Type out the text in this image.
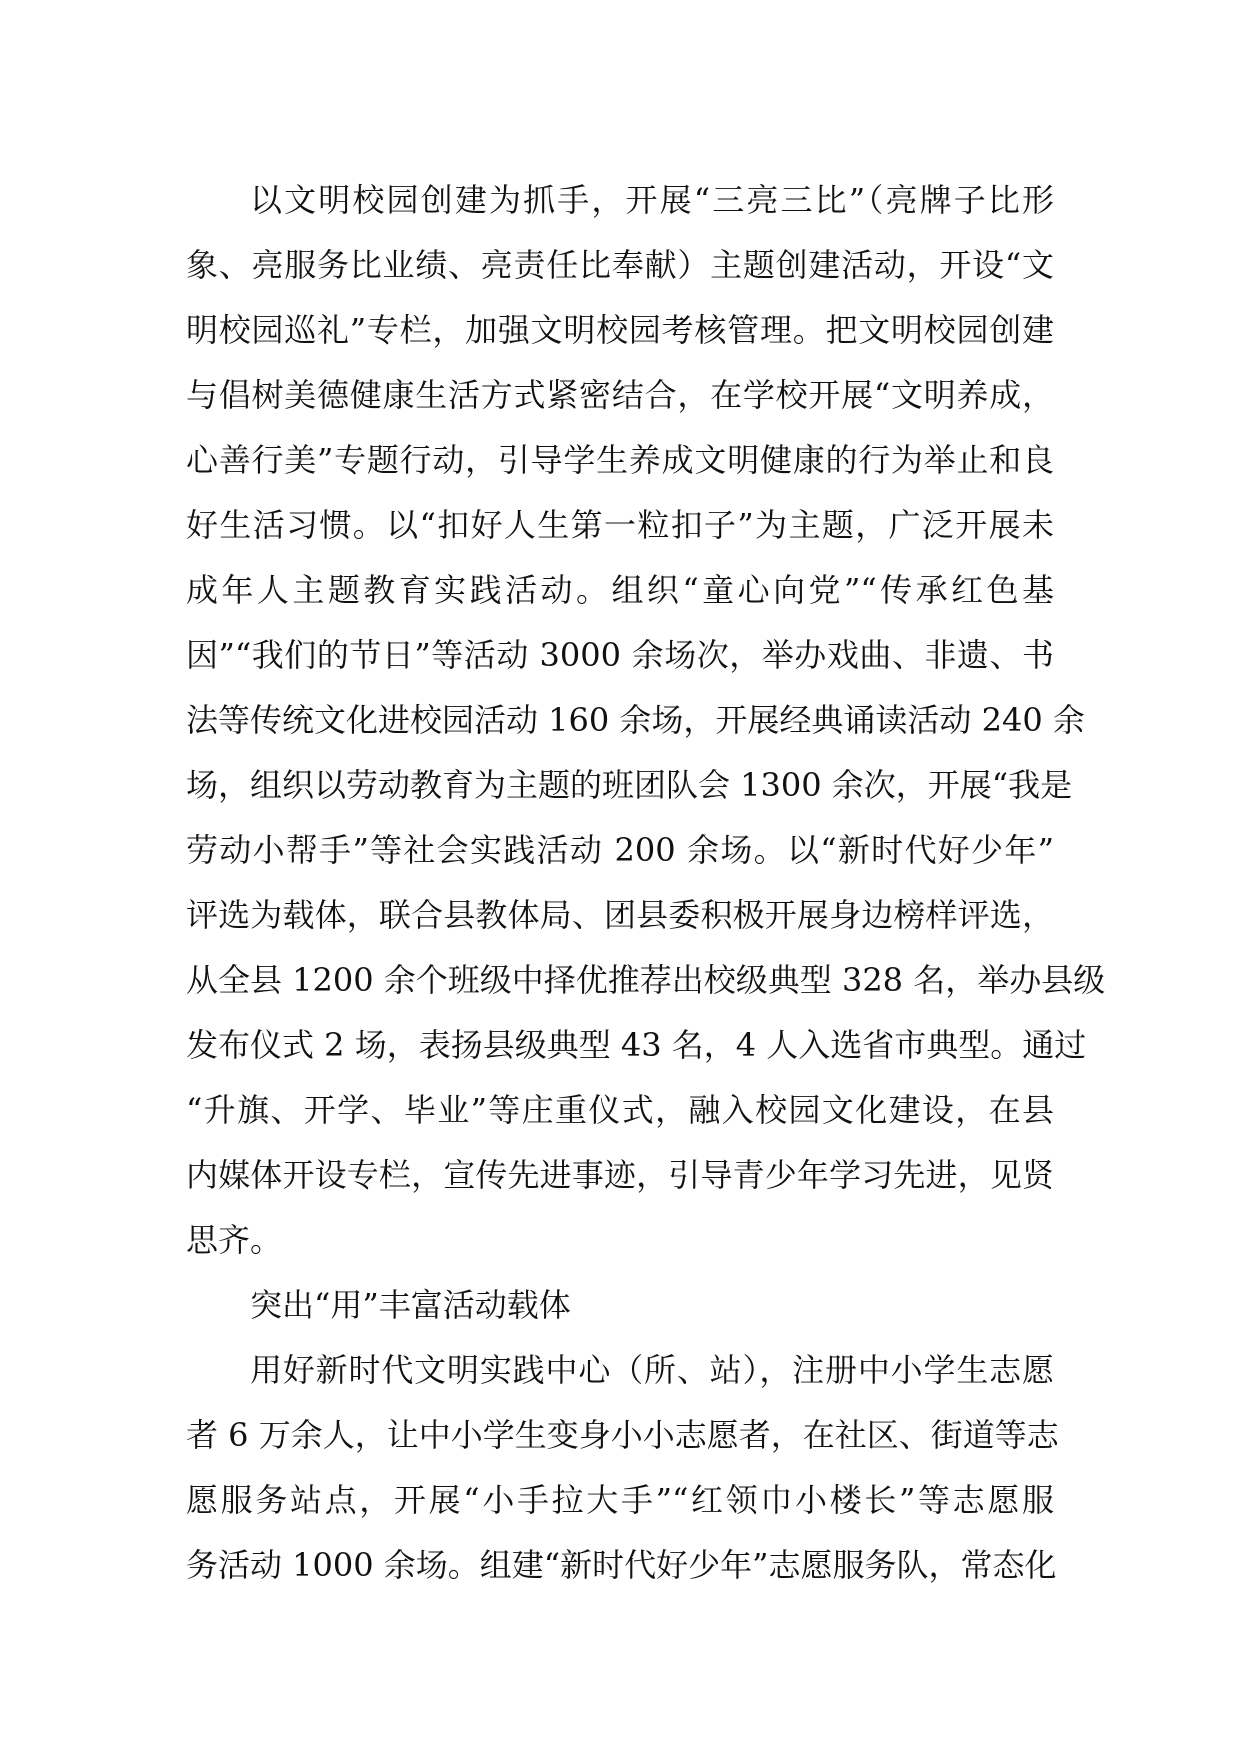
以文明校园创建为抓手，开展“三亮三比”（亮牌子比形
象、亮服务比业绩、亮责任比奉献）主题创建活动，开设“文
明校园巡礼”专栏，加强文明校园考核管理。把文明校园创建
与倡树美德健康生活方式紧密结合，在学校开展“文明养成，
心善行美”专题行动，引导学生养成文明健康的行为举止和良
好生活习惯。以“扣好人生第一粒扣子”为主题，广泛开展未
成年人主题教育实践活动。组织“童心向党”“传承红色基
因”“我们的节日”等活动 3000 余场次，举办戏曲、非遗、书
法等传统文化进校园活动 160 余场，开展经典诵读活动 240 余
场，组织以劳动教育为主题的班团队会 1300 余次，开展“我是
劳动小帮手”等社会实践活动 200 余场。以“新时代好少年”
评选为载体，联合县教体局、团县委积极开展身边榜样评选，
从全县 1200 余个班级中择优推荐出校级典型 328 名，举办县级
发布仪式 2 场，表扬县级典型 43 名，4 人入选省市典型。通过
“升旗、开学、毕业”等庄重仪式，融入校园文化建设，在县
内媒体开设专栏，宣传先进事迹，引导青少年学习先进，见贤
思齐。
突出“用”丰富活动载体
用好新时代文明实践中心（所、站），注册中小学生志愿
者 6 万余人，让中小学生变身小小志愿者，在社区、街道等志
愿服务站点，开展“小手拉大手”“红领巾小楼长”等志愿服
务活动 1000 余场。组建“新时代好少年”志愿服务队，常态化
